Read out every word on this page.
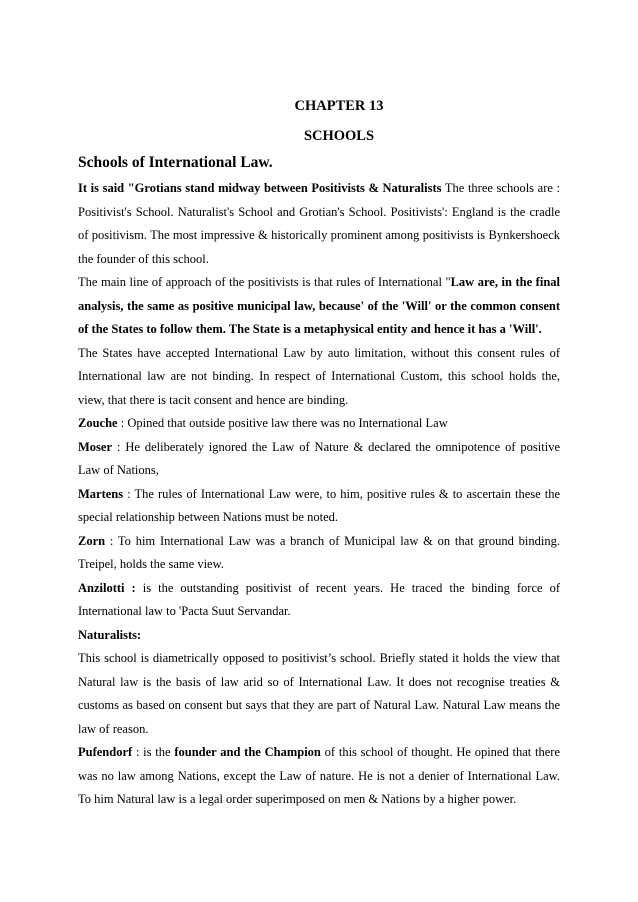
CHAPTER 13
SCHOOLS
Schools of International Law.

It is said "Grotians stand midway between Positivists & Naturalists The three schools are : Positivist's School. Naturalist's School and Grotian's School. Positivists': England is the cradle of positivism. The most impressive & historically prominent among positivists is Bynkershoeck the founder of this school.

The main line of approach of the positivists is that rules of International "Law are, in the final analysis, the same as positive municipal law, because' of the 'Will' or the common consent of the States to follow them. The State is a metaphysical entity and hence it has a 'Will'.

The States have accepted International Law by auto limitation, without this consent rules of International law are not binding. In respect of International Custom, this school holds the, view, that there is tacit consent and hence are binding.

Zouche : Opined that outside positive law there was no International Law

Moser : He deliberately ignored the Law of Nature & declared the omnipotence of positive Law of Nations,

Martens : The rules of International Law were, to him, positive rules & to ascertain these the special relationship between Nations must be noted.

Zorn : To him International Law was a branch of Municipal law & on that ground binding. Treipel, holds the same view.

Anzilotti : is the outstanding positivist of recent years. He traced the binding force of International law to 'Pacta Suut Servandar.

Naturalists:

This school is diametrically opposed to positivist’s school. Briefly stated it holds the view that Natural law is the basis of law arid so of International Law. It does not recognise treaties & customs as based on consent but says that they are part of Natural Law. Natural Law means the law of reason.

Pufendorf : is the founder and the Champion of this school of thought. He opined that there was no law among Nations, except the Law of nature. He is not a denier of International Law. To him Natural law is a legal order superimposed on men & Nations by a higher power.
